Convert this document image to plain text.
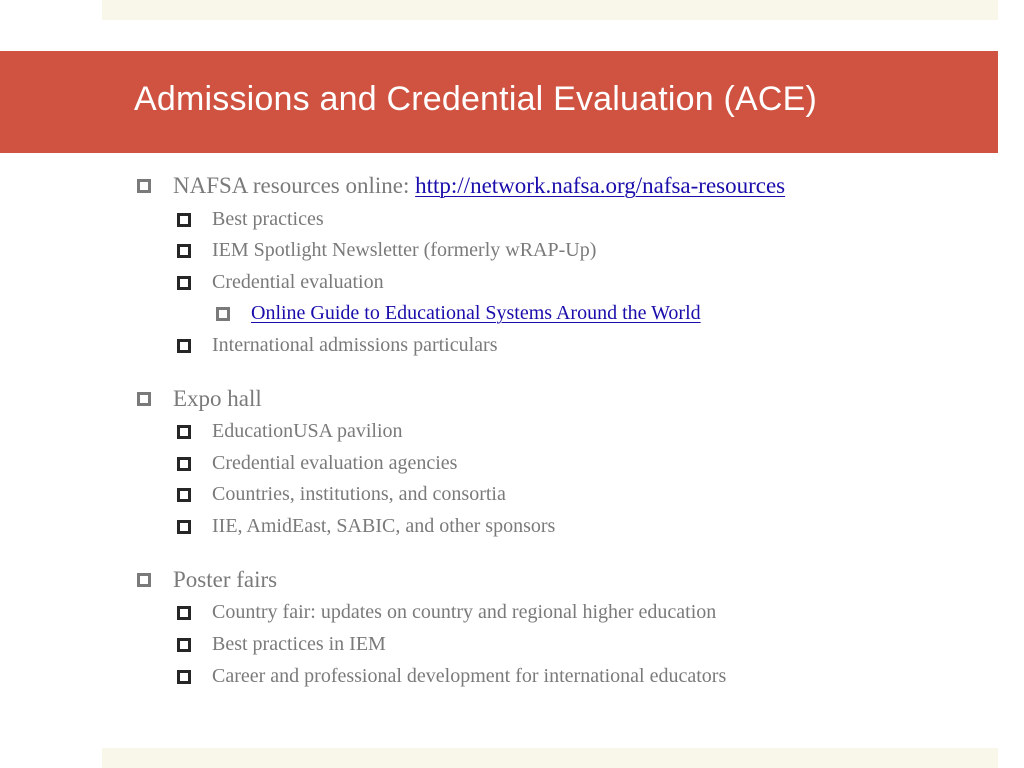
Admissions and Credential Evaluation (ACE)
NAFSA resources online: http://network.nafsa.org/nafsa-resources
Best practices
IEM Spotlight Newsletter (formerly wRAP-Up)
Credential evaluation
Online Guide to Educational Systems Around the World
International admissions particulars
Expo hall
EducationUSA pavilion
Credential evaluation agencies
Countries, institutions, and consortia
IIE, AmidEast, SABIC, and other sponsors
Poster fairs
Country fair: updates on country and regional higher education
Best practices in IEM
Career and professional development for international educators
